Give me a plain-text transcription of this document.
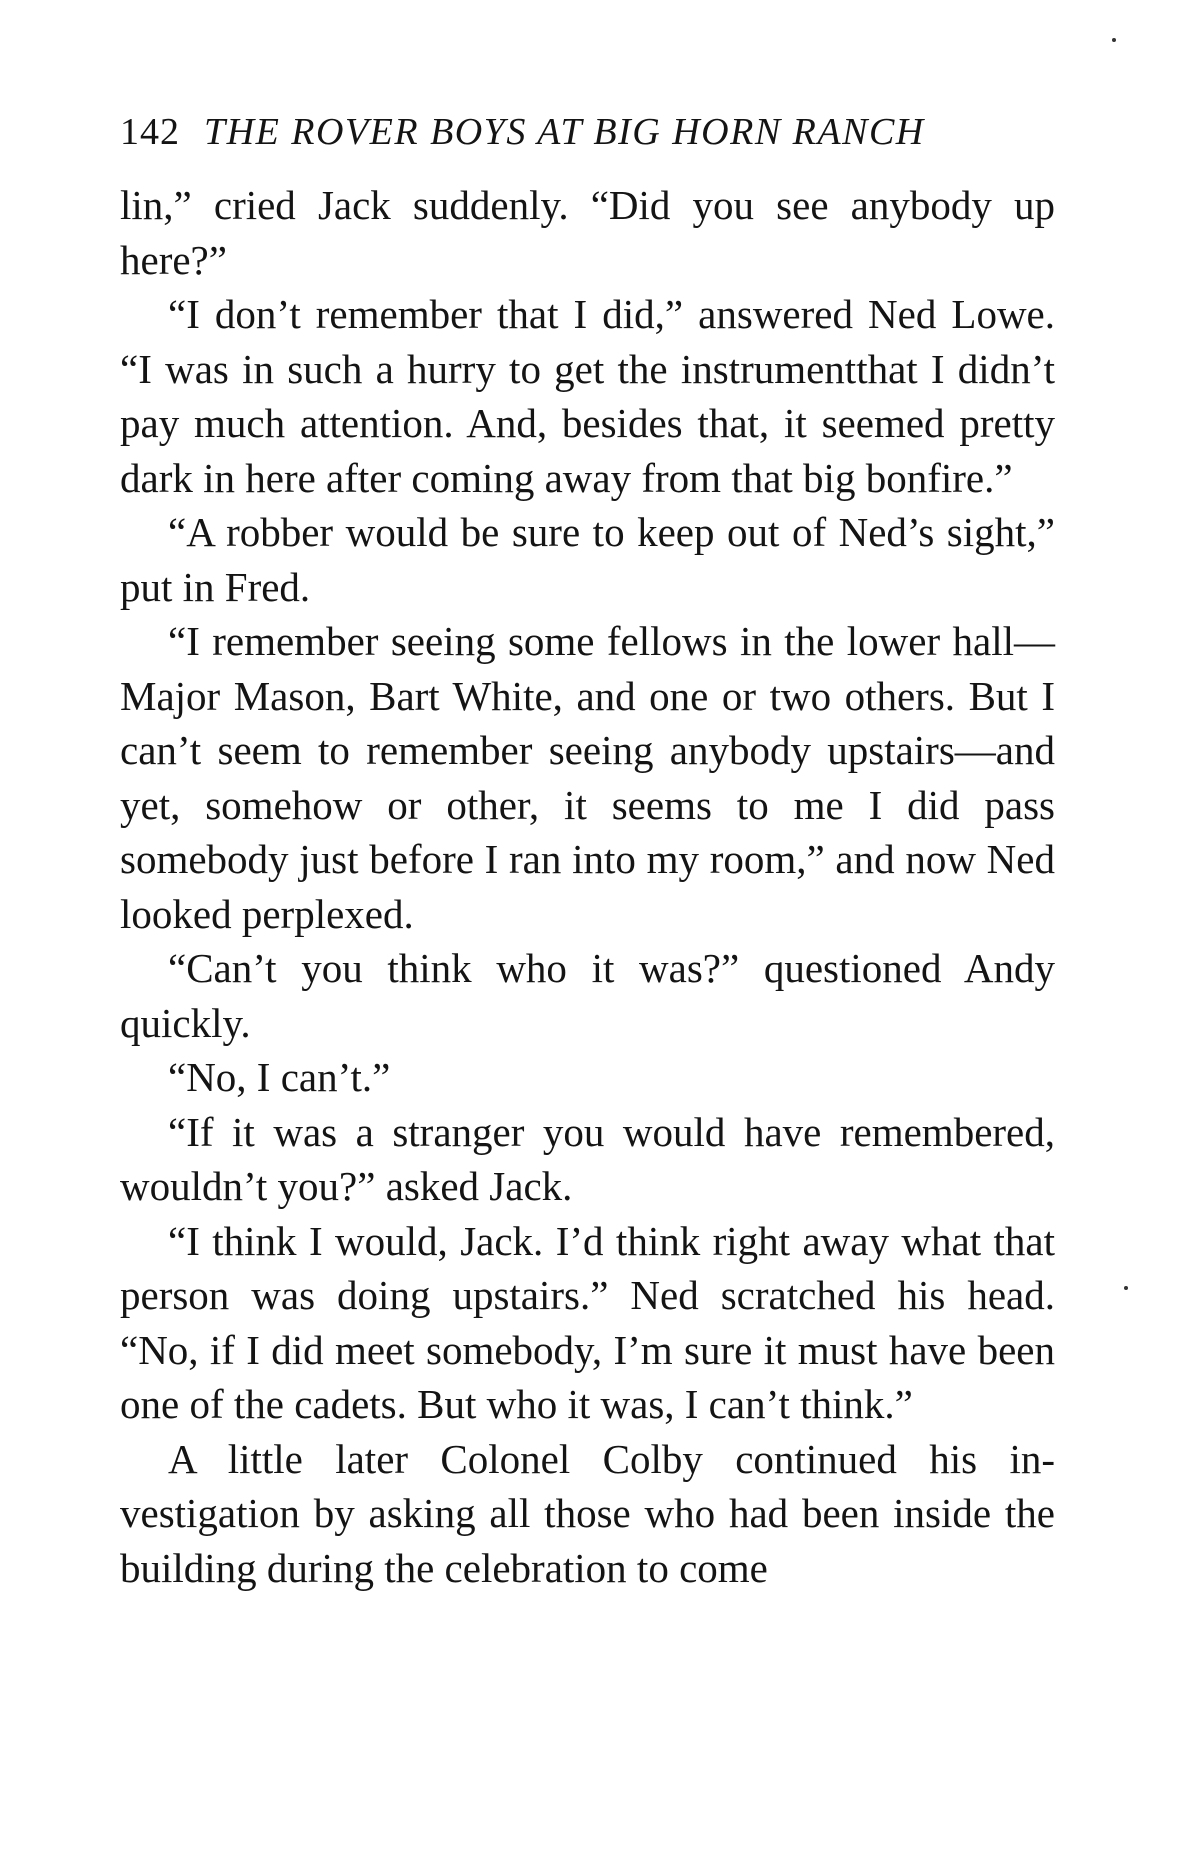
142 THE ROVER BOYS AT BIG HORN RANCH

lin,” cried Jack suddenly. “Did you see anybody up here?”

“I don’t remember that I did,” answered Ned Lowe. “I was in such a hurry to get the instrumentthat I didn’t pay much attention. And, besides that, it seemed pretty dark in here after coming away from that big bonfire.”

“A robber would be sure to keep out of Ned’s sight,” put in Fred.

“I remember seeing some fellows in the lower hall—Major Mason, Bart White, and one or two others. But I can’t seem to remember seeing anybody upstairs—and yet, somehow or other, it seems to me I did pass somebody just before I ran into my room,” and now Ned looked perplexed.

“Can’t you think who it was?” questioned Andy quickly.

“No, I can’t.”

“If it was a stranger you would have remembered, wouldn’t you?” asked Jack.

“I think I would, Jack. I’d think right away what that person was doing upstairs.” Ned scratched his head. “No, if I did meet somebody, I’m sure it must have been one of the cadets. But who it was, I can’t think.”

A little later Colonel Colby continued his investigation by asking all those who had been inside the building during the celebration to come
